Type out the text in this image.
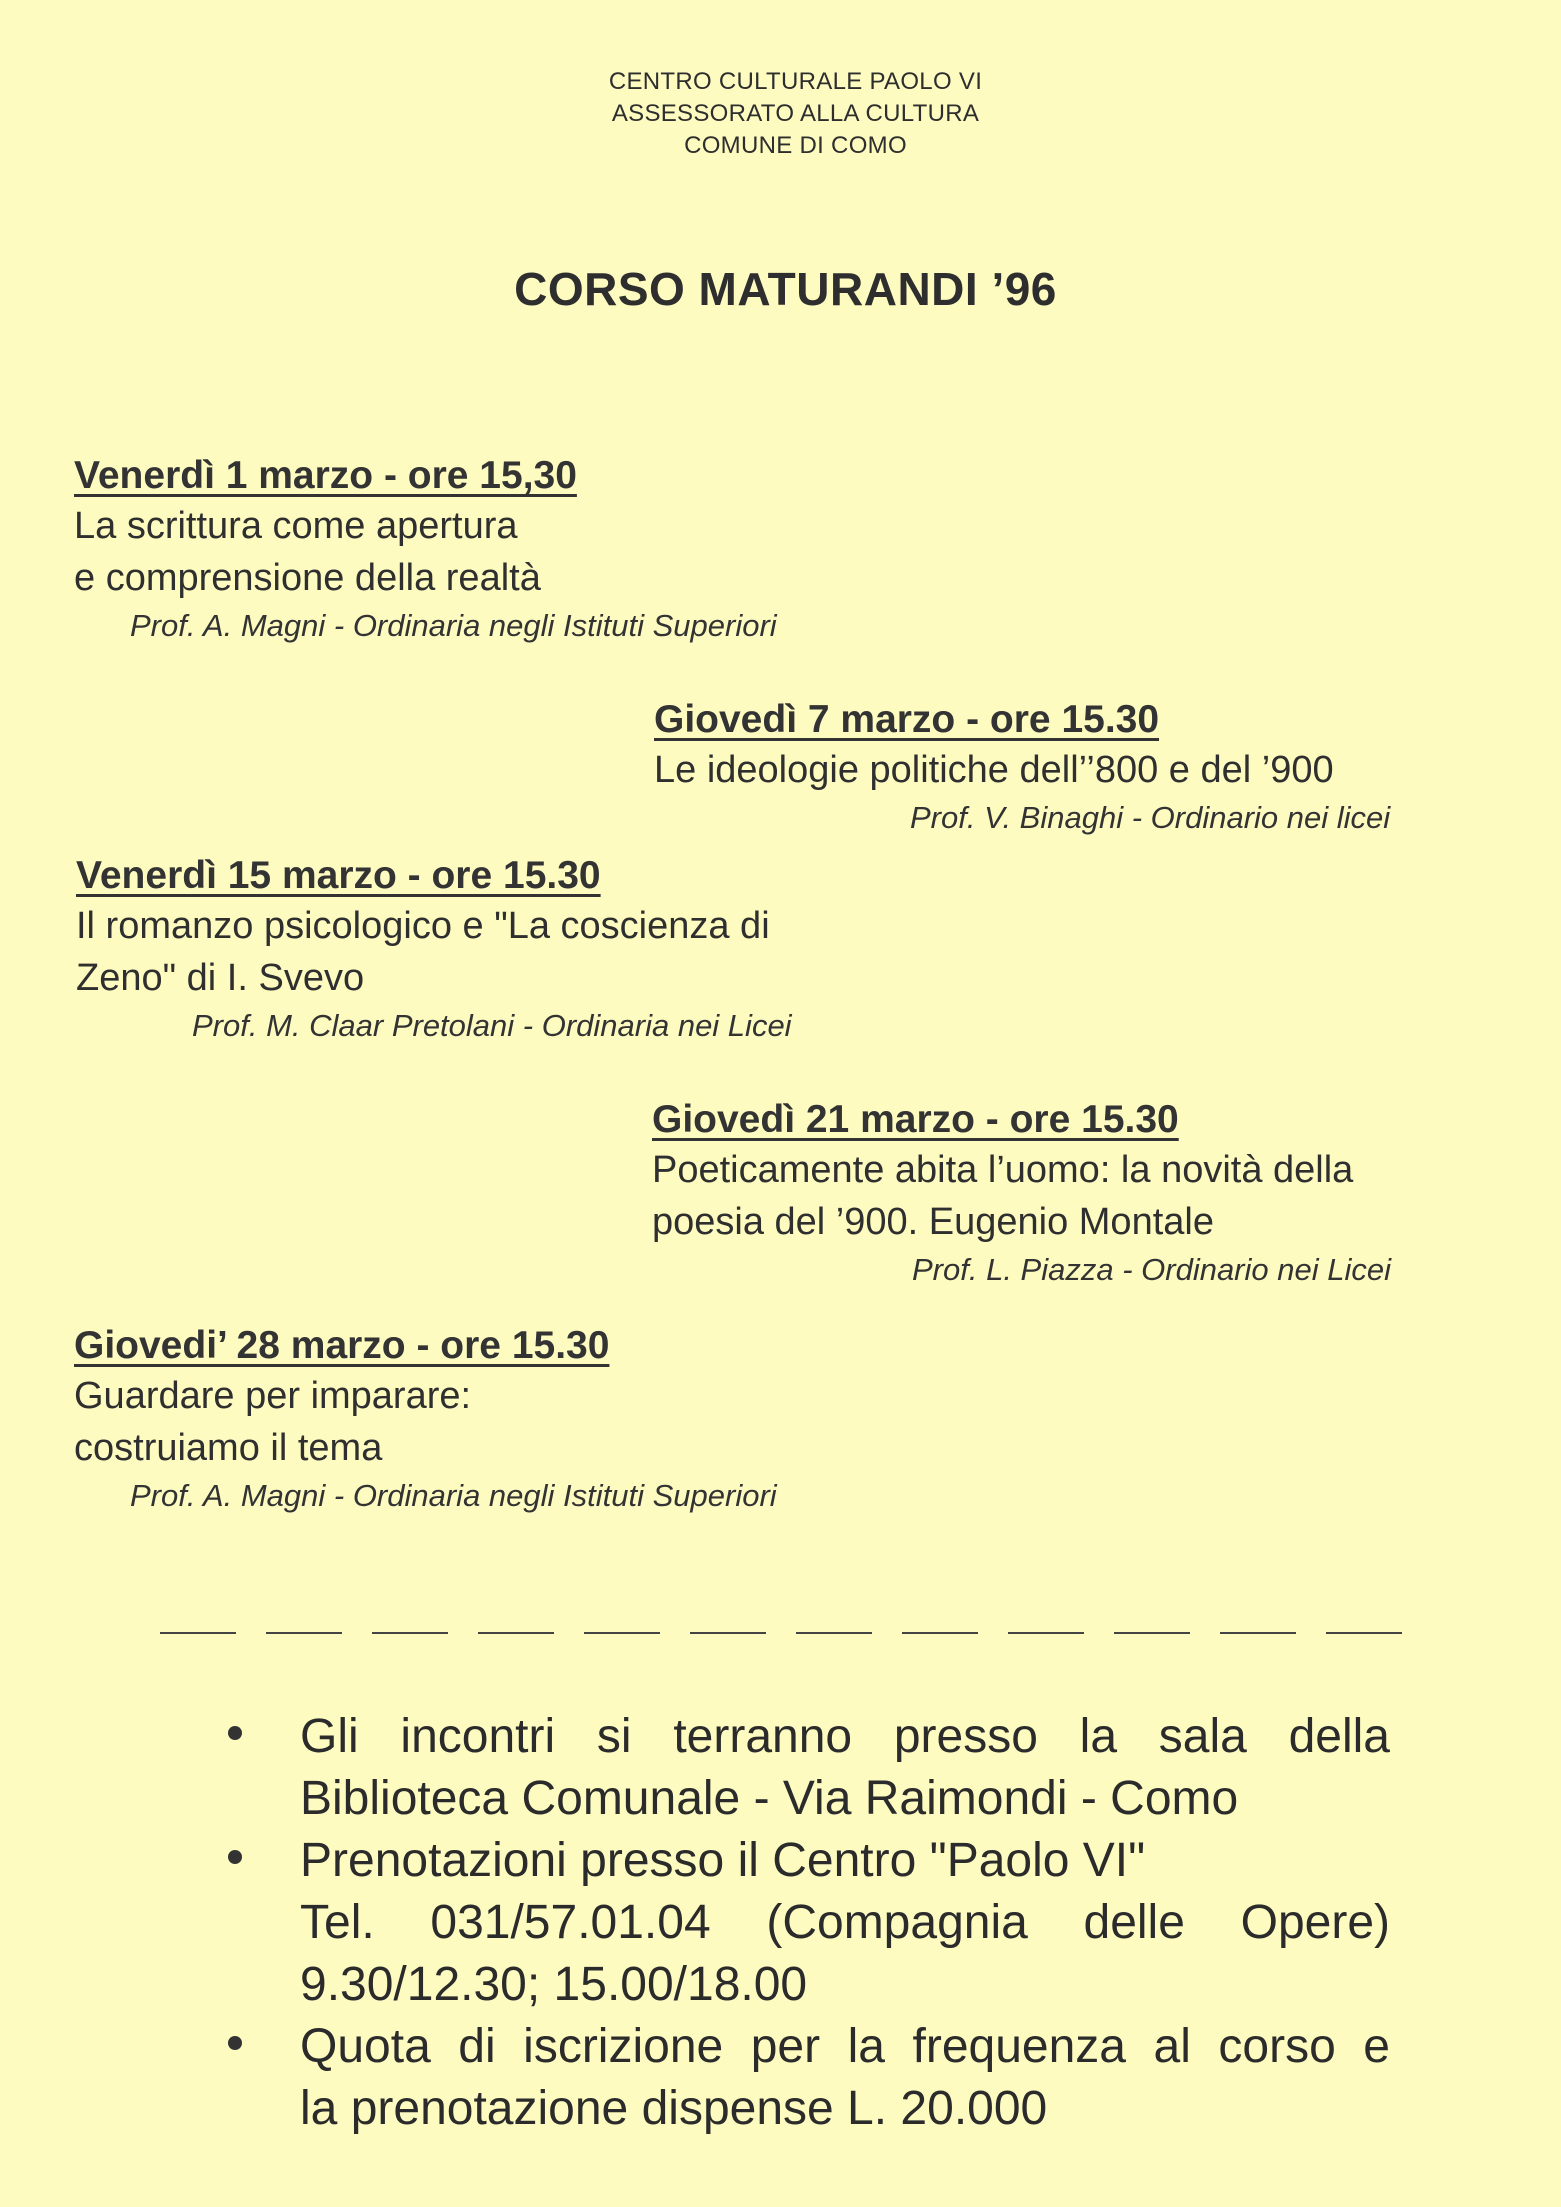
CENTRO CULTURALE PAOLO VI
ASSESSORATO ALLA CULTURA
COMUNE DI COMO
CORSO MATURANDI ’96
Venerdì 1 marzo - ore 15,30
La scrittura come apertura
e comprensione della realtà
Prof. A. Magni - Ordinaria negli Istituti Superiori
Giovedì 7 marzo - ore 15.30
Le ideologie politiche dell’’800 e del ’900
Prof. V. Binaghi - Ordinario nei licei
Venerdì 15 marzo - ore 15.30
Il romanzo psicologico e "La coscienza di
Zeno" di I. Svevo
Prof. M. Claar Pretolani - Ordinaria nei Licei
Giovedì 21 marzo - ore 15.30
Poeticamente abita l’uomo: la novità della
poesia del ’900. Eugenio Montale
Prof. L. Piazza - Ordinario nei Licei
Giovedi’ 28 marzo - ore 15.30
Guardare per imparare:
costruiamo il tema
Prof. A. Magni - Ordinaria negli Istituti Superiori
Gli incontri si terranno presso la sala della
Biblioteca Comunale - Via Raimondi - Como
Prenotazioni presso il Centro "Paolo VI"
Tel. 031/57.01.04 (Compagnia delle Opere)
9.30/12.30; 15.00/18.00
Quota di iscrizione per la frequenza al corso e
la prenotazione dispense L. 20.000
